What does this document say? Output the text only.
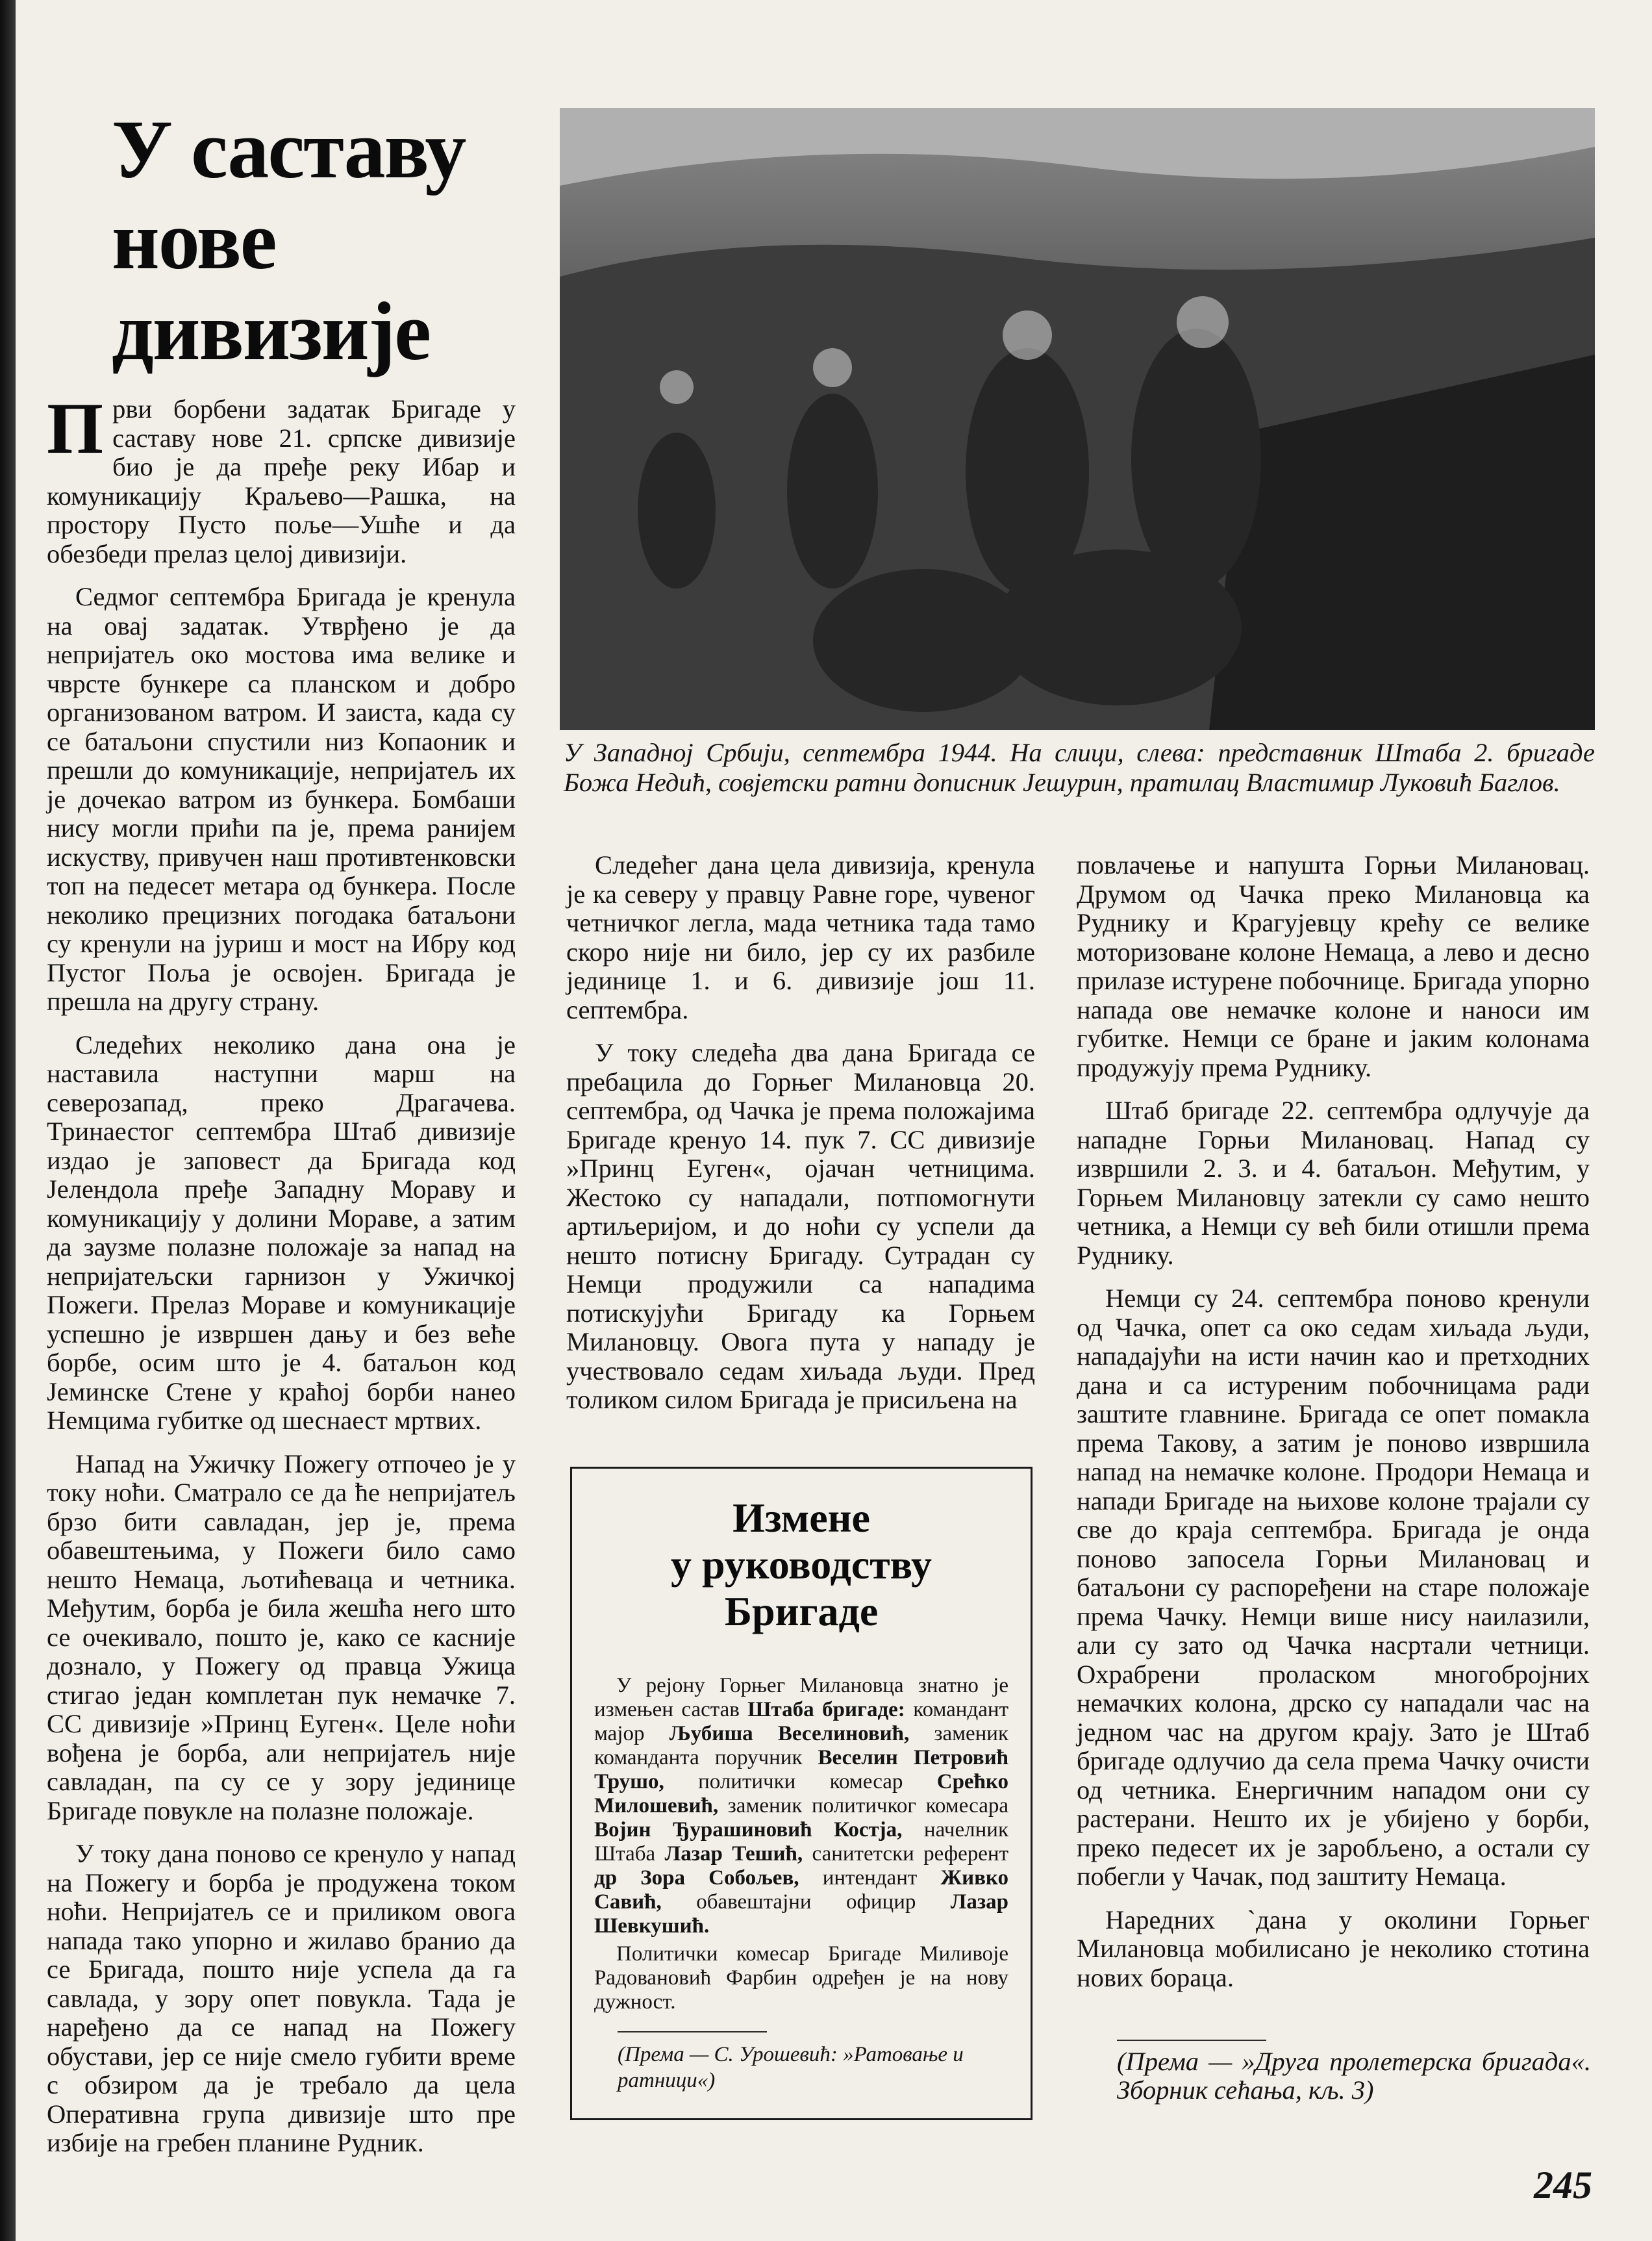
У саставу
нове
дивизије

Први борбени задатак Бригаде у саставу нове 21. српске дивизије био је да пређе реку Ибар и комуникацију Краљево—Рашка, на простору Пусто поље—Ушће и да обезбеди прелаз целој дивизији.

Седмог септембра Бригада је кренула на овај задатак. Утврђено је да непријатељ око мостова има велике и чврсте бункере са планском и добро организованом ватром. И заиста, када су се батаљони спустили низ Копаоник и прешли до комуникације, непријатељ их је дочекао ватром из бункера. Бомбаши нису могли прићи па је, према ранијем искуству, привучен наш противтенковски топ на педесет метара од бункера. После неколико прецизних погодака батаљони су кренули на јуриш и мост на Ибру код Пустог Поља је освојен. Бригада је прешла на другу страну.

Следећих неколико дана она је наставила наступни марш на северозапад, преко Драгачева. Тринаестог септембра Штаб дивизије издао је заповест да Бригада код Јелендола пређе Западну Мораву и комуникацију у долини Мораве, а затим да заузме полазне положаје за напад на непријатељски гарнизон у Ужичкој Пожеги. Прелаз Мораве и комуникације успешно је извршен дању и без веће борбе, осим што је 4. батаљон код Јеминске Стене у краћој борби нанео Немцима губитке од шеснаест мртвих.

Напад на Ужичку Пожегу отпочео је у току ноћи. Сматрало се да ће непријатељ брзо бити савладан, јер је, према обавештењима, у Пожеги било само нешто Немаца, љотићеваца и четника. Међутим, борба је била жешћа него што се очекивало, пошто је, како се касније дознало, у Пожегу од правца Ужица стигао један комплетан пук немачке 7. СС дивизије »Принц Еуген«. Целе ноћи вођена је борба, али непријатељ није савладан, па су се у зору јединице Бригаде повукле на полазне положаје.

У току дана поново се кренуло у напад на Пожегу и борба је продужена током ноћи. Непријатељ се и приликом овога напада тако упорно и жилаво бранио да се Бригада, пошто није успела да га савлада, у зору опет повукла. Тада је наређено да се напад на Пожегу обустави, јер се није смело губити време с обзиром да је требало да цела Оперативна група дивизије што пре избије на гребен планине Рудник.

У Западној Србији, септембра 1944. На слици, слева: представник Штаба 2. бригаде Божа Недић, совјетски ратни дописник Јешурин, пратилац Властимир Луковић Баглов.

Следећег дана цела дивизија, кренула је ка северу у правцу Равне горе, чувеног четничког легла, мада четника тада тамо скоро није ни било, јер су их разбиле јединице 1. и 6. дивизије још 11. септембра.

У току следећа два дана Бригада се пребацила до Горњег Милановца 20. септембра, од Чачка је према положајима Бригаде кренуо 14. пук 7. СС дивизије »Принц Еуген«, ојачан четницима. Жестоко су нападали, потпомогнути артиљеријом, и до ноћи су успели да нешто потисну Бригаду. Сутрадан су Немци продужили са нападима потискујући Бригаду ка Горњем Милановцу. Овога пута у нападу је учествовало седам хиљада људи. Пред толиком силом Бригада је присиљена на

Измене
у руководству
Бригаде

У рејону Горњег Милановца знатно је измењен састав Штаба бригаде: командант мајор Љубиша Веселиновић, заменик команданта поручник Веселин Петровић Трушо, политички комесар Срећко Милошевић, заменик политичког комесара Војин Ђурашиновић Костја, начелник Штаба Лазар Тешић, санитетски референт др Зора Собољев, интендант Живко Савић, обавештајни официр Лазар Шевкушић.

Политички комесар Бригаде Миливоје Радовановић Фарбин одређен је на нову дужност.

(Према — С. Урошевић: »Ратовање и ратници«)

повлачење и напушта Горњи Милановац. Друмом од Чачка преко Милановца ка Руднику и Крагујевцу крећу се велике моторизоване колоне Немаца, а лево и десно прилазе истурене побочнице. Бригада упорно напада ове немачке колоне и наноси им губитке. Немци се бране и јаким колонама продужују према Руднику.

Штаб бригаде 22. септембра одлучује да нападне Горњи Милановац. Напад су извршили 2. 3. и 4. батаљон. Међутим, у Горњем Милановцу затекли су само нешто четника, а Немци су већ били отишли према Руднику.

Немци су 24. септембра поново кренули од Чачка, опет са око седам хиљада људи, нападајући на исти начин као и претходних дана и са истуреним побочницама ради заштите главнине. Бригада се опет помакла према Такову, а затим је поново извршила напад на немачке колоне. Продори Немаца и напади Бригаде на њихове колоне трајали су све до краја септембра. Бригада је онда поново запосела Горњи Милановац и батаљони су распоређени на старе положаје према Чачку. Немци више нису наилазили, али су зато од Чачка насртали четници. Охрабрени проласком многобројних немачких колона, дрско су нападали час на једном час на другом крају. Зато је Штаб бригаде одлучио да села према Чачку очисти од четника. Енергичним нападом они су растерани. Нешто их је убијено у борби, преко педесет их је заробљено, а остали су побегли у Чачак, под заштиту Немаца.

Наредних `дана у околини Горњег Милановца мобилисано је неколико стотина нових бораца.

(Према — »Друга пролетерска бригада«. Зборник сећања, кљ. 3)
245
